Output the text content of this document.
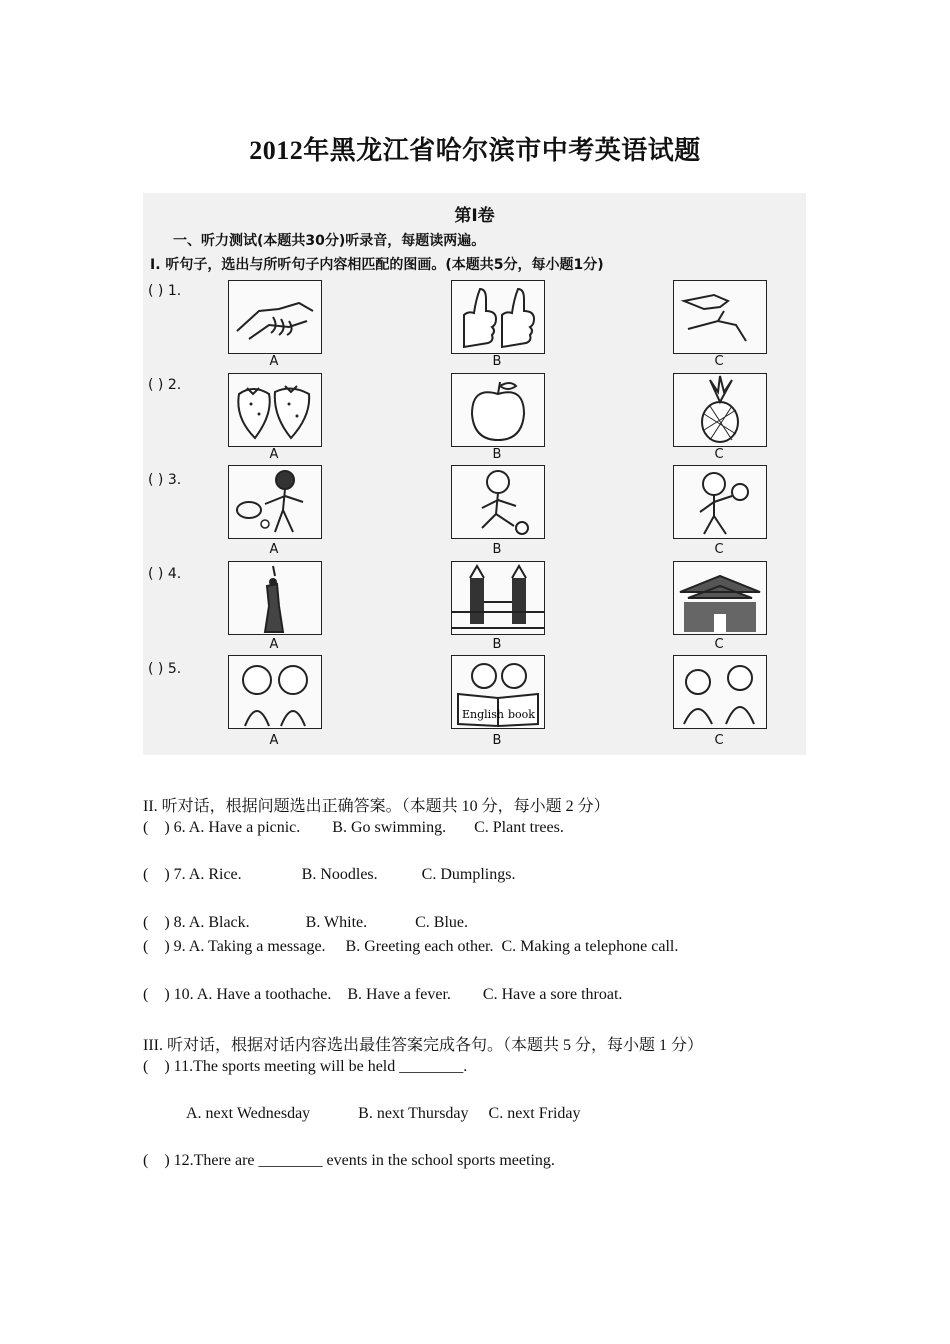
2012年黑龙江省哈尔滨市中考英语试题
第Ⅰ卷
一、听力测试(本题共30分)听录音，每题读两遍。
Ⅰ. 听句子，选出与所听句子内容相匹配的图画。(本题共5分，每小题1分)
( ) 1.
A	B	C
( ) 2.
A	B	C
( ) 3.
A	B	C
( ) 4.
A	B	C
( ) 5.
English book
A	B	C
II. 听对话，根据问题选出正确答案。（本题共 10 分，每小题 2 分）
(    ) 6. A. Have a picnic.        B. Go swimming.       C. Plant trees.
(    ) 7. A. Rice.               B. Noodles.           C. Dumplings.
(    ) 8. A. Black.              B. White.            C. Blue.
(    ) 9. A. Taking a message.     B. Greeting each other.  C. Making a telephone call.
(    ) 10. A. Have a toothache.    B. Have a fever.        C. Have a sore throat.
III. 听对话，根据对话内容选出最佳答案完成各句。（本题共 5 分，每小题 1 分）
(    ) 11.The sports meeting will be held ________.
A. next Wednesday            B. next Thursday     C. next Friday
(    ) 12.There are ________ events in the school sports meeting.
